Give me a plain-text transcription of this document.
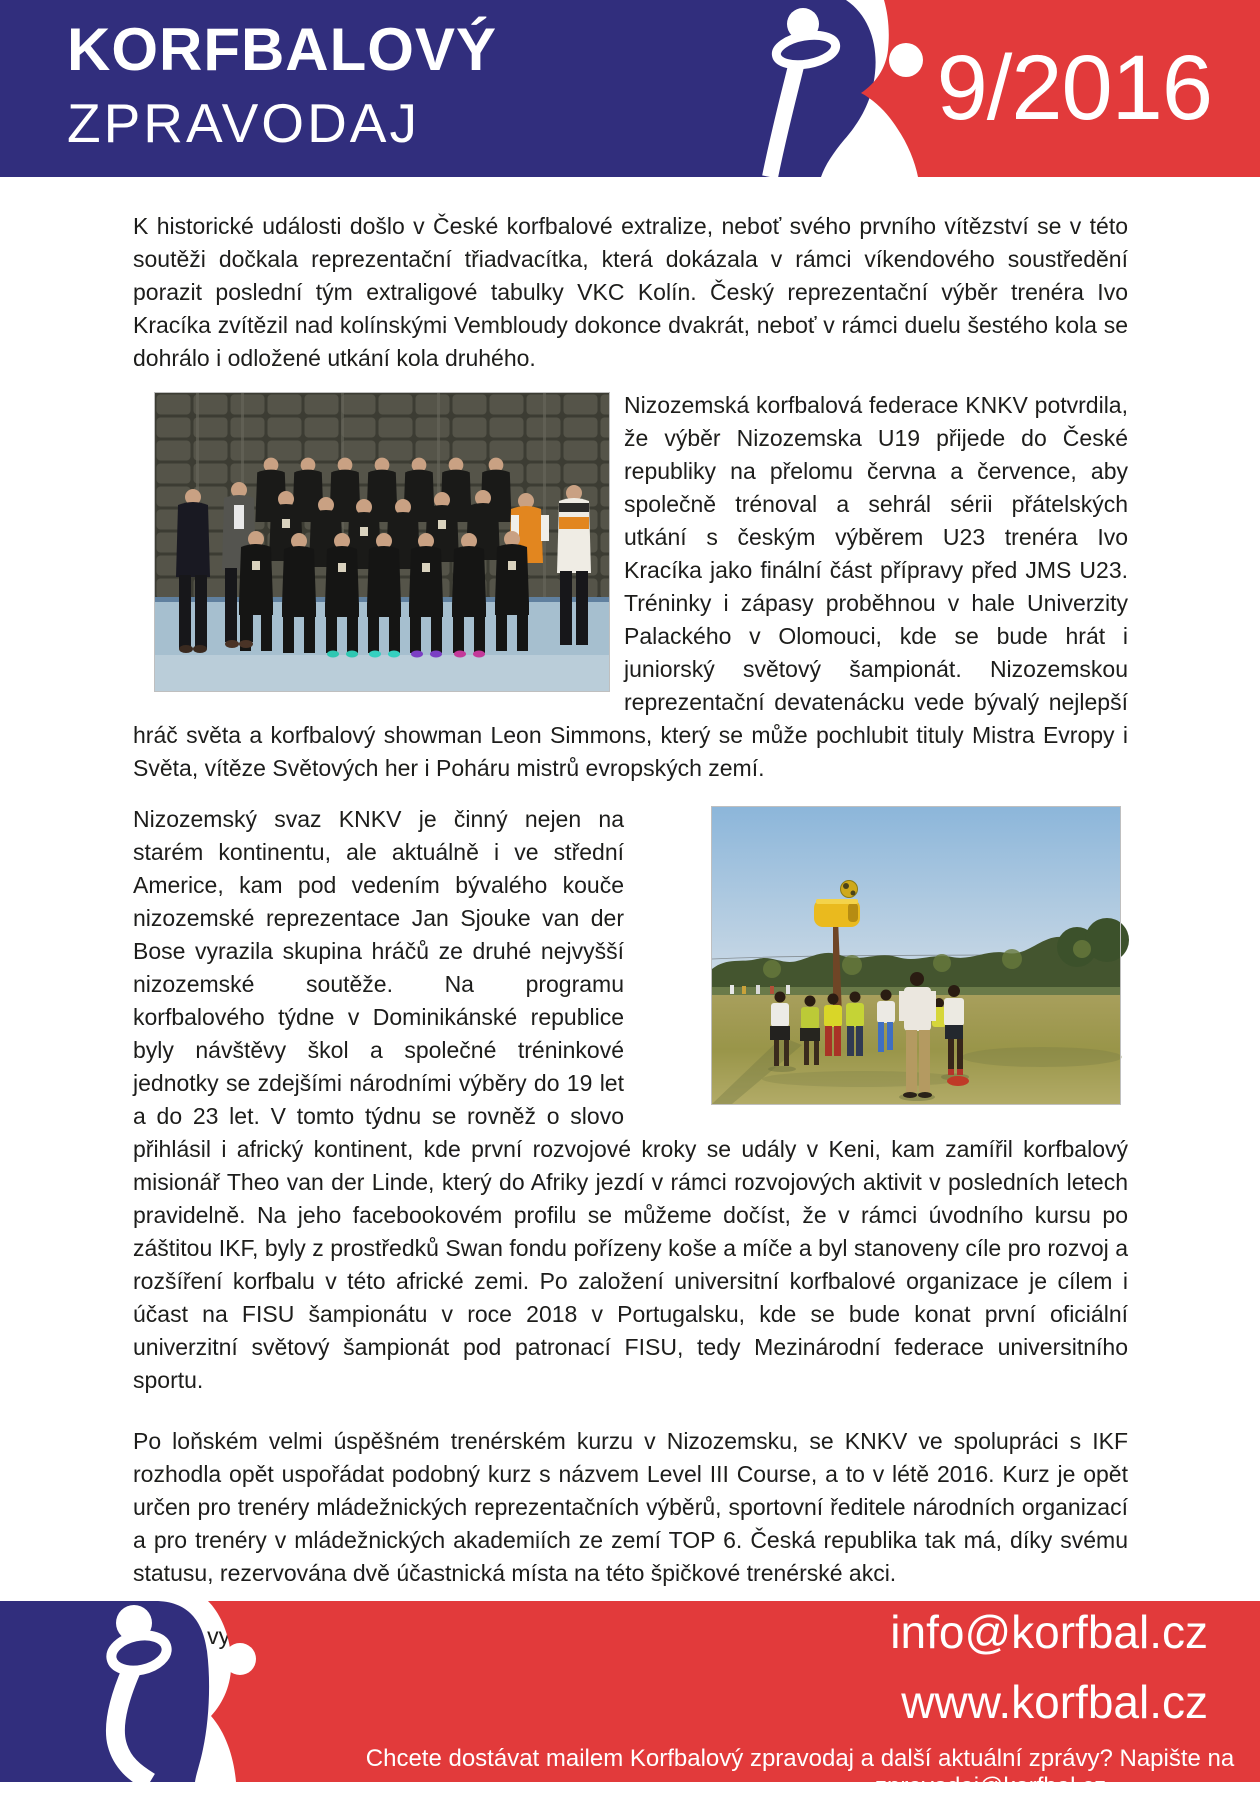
KORFBALOVÝ
ZPRAVODAJ	9/2016

K historické události došlo v České korfbalové extralize, neboť svého prvního vítězství se v této soutěži dočkala reprezentační třiadvacítka, která dokázala v rámci víkendového soustředění porazit poslední tým extraligové tabulky VKC Kolín. Český reprezentační výběr trenéra Ivo Kracíka zvítězil nad kolínskými Vembloudy dokonce dvakrát, neboť v rámci duelu šestého kola se dohrálo i odložené utkání kola druhého.

Nizozemská korfbalová federace KNKV potvrdila, že výběr Nizozemska U19 přijede do České republiky na přelomu června a července, aby společně trénoval a sehrál sérii přátelských utkání s českým výběrem U23 trenéra Ivo Kracíka jako finální část přípravy před JMS U23. Tréninky i zápasy proběhnou v hale Univerzity Palackého v Olomouci, kde se bude hrát i juniorský světový šampionát. Nizozemskou reprezentační devatenácku vede bývalý nejlepší hráč světa a korfbalový showman Leon Simmons, který se může pochlubit tituly Mistra Evropy i Světa, vítěze Světových her i Poháru mistrů evropských zemí.

Nizozemský svaz KNKV je činný nejen na starém kontinentu, ale aktuálně i ve střední Americe, kam pod vedením bývalého kouče nizozemské reprezentace Jan Sjouke van der Bose vyrazila skupina hráčů ze druhé nejvyšší nizozemské soutěže. Na programu korfbalového týdne v Dominikánské republice byly návštěvy škol a společné tréninkové jednotky se zdejšími národními výběry do 19 let a do 23 let. V tomto týdnu se rovněž o slovo přihlásil i africký kontinent, kde první rozvojové kroky se udály v Keni, kam zamířil korfbalový misionář Theo van der Linde, který do Afriky jezdí v rámci rozvojových aktivit v posledních letech pravidelně. Na jeho facebookovém profilu se můžeme dočíst, že v rámci úvodního kursu po záštitou IKF, byly z prostředků Swan fondu pořízeny koše a míče a byl stanoveny cíle pro rozvoj a rozšíření korfbalu v této africké zemi. Po založení universitní korfbalové organizace je cílem i účast na FISU šampionátu v roce 2018 v Portugalsku, kde se bude konat první oficiální univerzitní světový šampionát pod patronací FISU, tedy Mezinárodní federace universitního sportu.

Po loňském velmi úspěšném trenérském kurzu v Nizozemsku, se KNKV ve spolupráci s IKF rozhodla opět uspořádat podobný kurz s názvem Level III Course, a to v létě 2016. Kurz je opět určen pro trenéry mládežnických reprezentačních výběrů, sportovní ředitele národních organizací a pro trenéry v mládežnických akademiích ze zemí TOP 6. Česká republika tak má, díky svému statusu, rezervována dvě účastnická místa na této špičkové trenérské akci.

info@korfbal.cz
www.korfbal.cz
Chcete dostávat mailem Korfbalový zpravodaj a další aktuální zprávy? Napište na
zpravodaj@korfbal.cz
